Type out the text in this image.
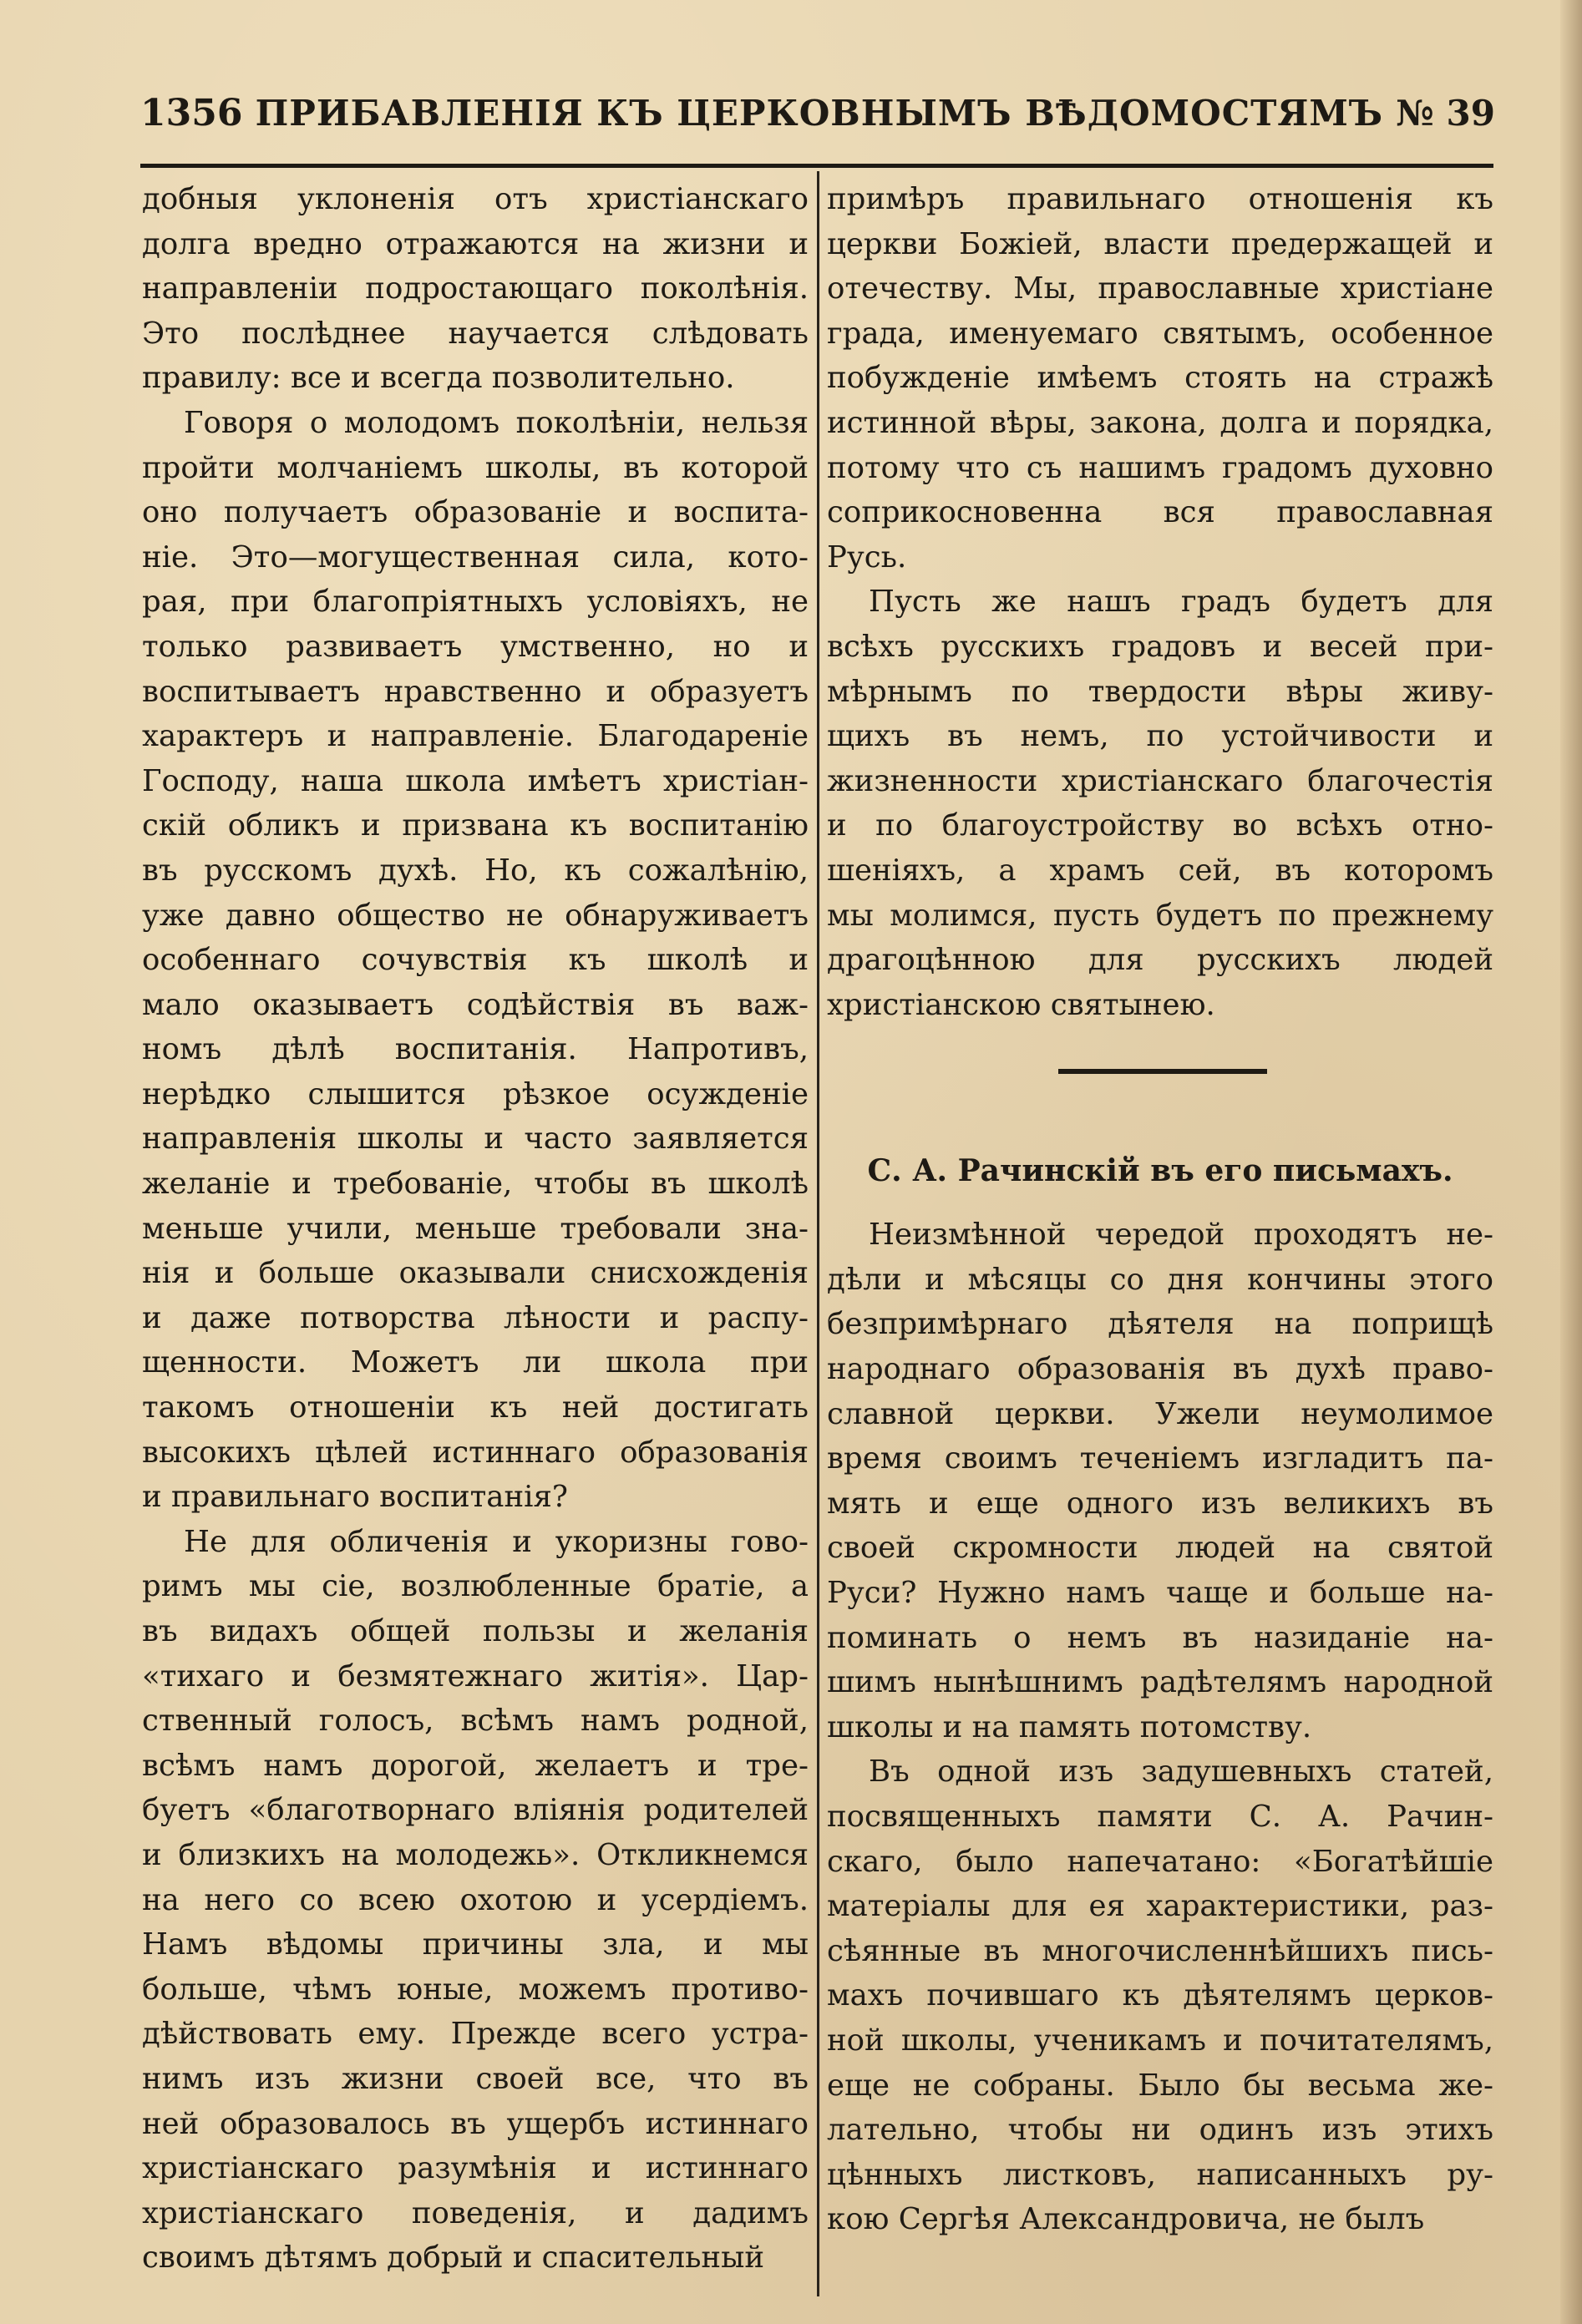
1356 ПРИБАВЛЕНІЯ КЪ ЦЕРКОВНЫМЪ ВѢДОМОСТЯМЪ № 39
добныя уклоненія отъ христіанскаго
долга вредно отражаются на жизни и
направленіи подростающаго поколѣнія.
Это послѣднее научается слѣдовать
правилу: все и всегда позволительно.
Говоря о молодомъ поколѣніи, нельзя
пройти молчаніемъ школы, въ которой
оно получаетъ образованіе и воспита-
ніе. Это—могущественная сила, кото-
рая, при благопріятныхъ условіяхъ, не
только развиваетъ умственно, но и
воспитываетъ нравственно и образуетъ
характеръ и направленіе. Благодареніе
Господу, наша школа имѣетъ христіан-
скій обликъ и призвана къ воспитанію
въ русскомъ духѣ. Но, къ сожалѣнію,
уже давно общество не обнаруживаетъ
особеннаго сочувствія къ школѣ и
мало оказываетъ содѣйствія въ важ-
номъ дѣлѣ воспитанія. Напротивъ,
нерѣдко слышится рѣзкое осужденіе
направленія школы и часто заявляется
желаніе и требованіе, чтобы въ школѣ
меньше учили, меньше требовали зна-
нія и больше оказывали снисхожденія
и даже потворства лѣности и распу-
щенности. Можетъ ли школа при
такомъ отношеніи къ ней достигать
высокихъ цѣлей истиннаго образованія
и правильнаго воспитанія?
Не для обличенія и укоризны гово-
римъ мы сіе, возлюбленные братіе, а
въ видахъ общей пользы и желанія
«тихаго и безмятежнаго житія». Цар-
ственный голосъ, всѣмъ намъ родной,
всѣмъ намъ дорогой, желаетъ и тре-
буетъ «благотворнаго вліянія родителей
и близкихъ на молодежь». Откликнемся
на него со всею охотою и усердіемъ.
Намъ вѣдомы причины зла, и мы
больше, чѣмъ юные, можемъ противо-
дѣйствовать ему. Прежде всего устра-
нимъ изъ жизни своей все, что въ
ней образовалось въ ущербъ истиннаго
христіанскаго разумѣнія и истиннаго
христіанскаго поведенія, и дадимъ
своимъ дѣтямъ добрый и спасительный
примѣръ правильнаго отношенія къ
церкви Божіей, власти предержащей и
отечеству. Мы, православные христіане
града, именуемаго святымъ, особенное
побужденіе имѣемъ стоять на стражѣ
истинной вѣры, закона, долга и порядка,
потому что съ нашимъ градомъ духовно
соприкосновенна вся православная
Русь.
Пусть же нашъ градъ будетъ для
всѣхъ русскихъ градовъ и весей при-
мѣрнымъ по твердости вѣры живу-
щихъ въ немъ, по устойчивости и
жизненности христіанскаго благочестія
и по благоустройству во всѣхъ отно-
шеніяхъ, а храмъ сей, въ которомъ
мы молимся, пусть будетъ по прежнему
драгоцѣнною для русскихъ людей
христіанскою святынею.
С. А. Рачинскій въ его письмахъ.
Неизмѣнной чередой проходятъ не-
дѣли и мѣсяцы со дня кончины этого
безпримѣрнаго дѣятеля на поприщѣ
народнаго образованія въ духѣ право-
славной церкви. Ужели неумолимое
время своимъ теченіемъ изгладитъ па-
мять и еще одного изъ великихъ въ
своей скромности людей на святой
Руси? Нужно намъ чаще и больше на-
поминать о немъ въ назиданіе на-
шимъ нынѣшнимъ радѣтелямъ народной
школы и на память потомству.
Въ одной изъ задушевныхъ статей,
посвященныхъ памяти С. А. Рачин-
скаго, было напечатано: «Богатѣйшіе
матеріалы для ея характеристики, раз-
сѣянные въ многочисленнѣйшихъ пись-
махъ почившаго къ дѣятелямъ церков-
ной школы, ученикамъ и почитателямъ,
еще не собраны. Было бы весьма же-
лательно, чтобы ни одинъ изъ этихъ
цѣнныхъ листковъ, написанныхъ ру-
кою Сергѣя Александровича, не былъ
